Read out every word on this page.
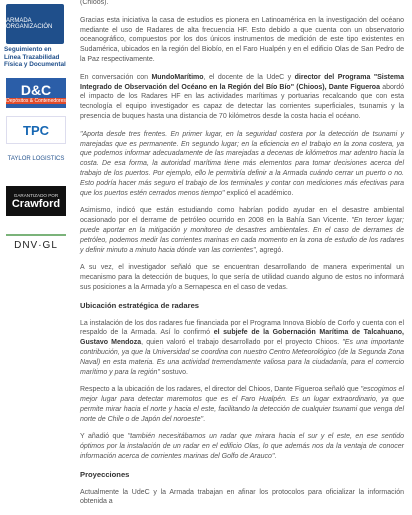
ARMADA ORGANIZACIÓN
Seguimiento en Línea Trazabilidad Física y Documental
D&C
Depósitos & Contenedores
TPC
TAYLOR LOGISTICS
GARANTIZADO POR
Crawford
DNV·GL

(Chioos).

Gracias esta iniciativa la casa de estudios es pionera en Latinoamérica en la investigación del océano mediante el uso de Radares de alta frecuencia HF. Esto debido a que cuenta con un observatorio oceanográfico, compuestos por los dos únicos instrumentos de medición de este tipo existentes en Sudamérica, ubicados en la región del Biobío, en el Faro Hualpén y en el edificio Olas de San Pedro de la Paz respectivamente.

En conversación con MundoMarítimo, el docente de la UdeC y director del Programa "Sistema Integrado de Observación del Océano en la Región del Bío Bío" (Chioos), Dante Figueroa abordó el impacto de los Radares HF en las actividades marítimas y portuarias recalcando que con esta tecnología el equipo investigador es capaz de detectar las corrientes superficiales, tsunamis y la presencia de buques hasta una distancia de 70 kilómetros desde la costa hacia el océano.

"Aporta desde tres frentes. En primer lugar, en la seguridad costera por la detección de tsunami y marejadas que es permanente. En segundo lugar; en la eficiencia en el trabajo en la zona costera, ya que podemos informar adecuadamente de las marejadas a decenas de kilómetros mar adentro hacia la costa. De esa forma, la autoridad marítima tiene más elementos para tomar decisiones acerca del trabajo de los puertos. Por ejemplo, ello le permitiría definir a la Armada cuándo cerrar un puerto o no. Esto podría hacer más seguro el trabajo de los terminales y contar con mediciones más efectivas para que los puertos estén cerrados menos tiempo" explicó el académico.

Asimismo, indicó que están estudiando como habrían podido ayudar en el desastre ambiental ocasionado por el derrame de petróleo ocurrido en 2008 en la Bahía San Vicente. "En tercer lugar; puede aportar en la mitigación y monitoreo de desastres ambientales. En el caso de derrames de petróleo, podemos medir las corrientes marinas en cada momento en la zona de estudio de los radares y definir minuto a minuto hacia dónde van las corrientes", agregó.

A su vez, el investigador señaló que se encuentran desarrollando de manera experimental un mecanismo para la detección de buques, lo que sería de utilidad cuando alguno de estos no informará sus posiciones a la Armada y/o a Sernapesca en el caso de vedas.

Ubicación estratégica de radares

La instalación de los dos radares fue financiada por el Programa Innova Biobío de Corfo y cuenta con el respaldo de la Armada. Así lo confirmó el subjefe de la Gobernación Marítima de Talcahuano, Gustavo Mendoza, quien valoró el trabajo desarrollado por el proyecto Chioos. "Es una importante contribución, ya que la Universidad se coordina con nuestro Centro Meteorológico (de la Segunda Zona Naval) en esta materia. Es una actividad tremendamente valiosa para la ciudadanía, para el comercio marítimo y para la región" sostuvo.

Respecto a la ubicación de los radares, el director del Chioos, Dante Figueroa señaló que "escogimos el mejor lugar para detectar maremotos que es el Faro Hualpén. Es un lugar extraordinario, ya que permite mirar hacia el norte y hacia el este, facilitando la detección de cualquier tsunami que venga del norte de Chile o de Japón del noroeste".

Y añadió que "también necesitábamos un radar que mirara hacia el sur y el este, en ese sentido óptimos por la instalación de un radar en el edificio Olas, lo que además nos da la ventaja de conocer información acerca de corrientes marinas del Golfo de Arauco".

Proyecciones

Actualmente la UdeC y la Armada trabajan en afinar los protocolos para oficializar la información obtenida a
